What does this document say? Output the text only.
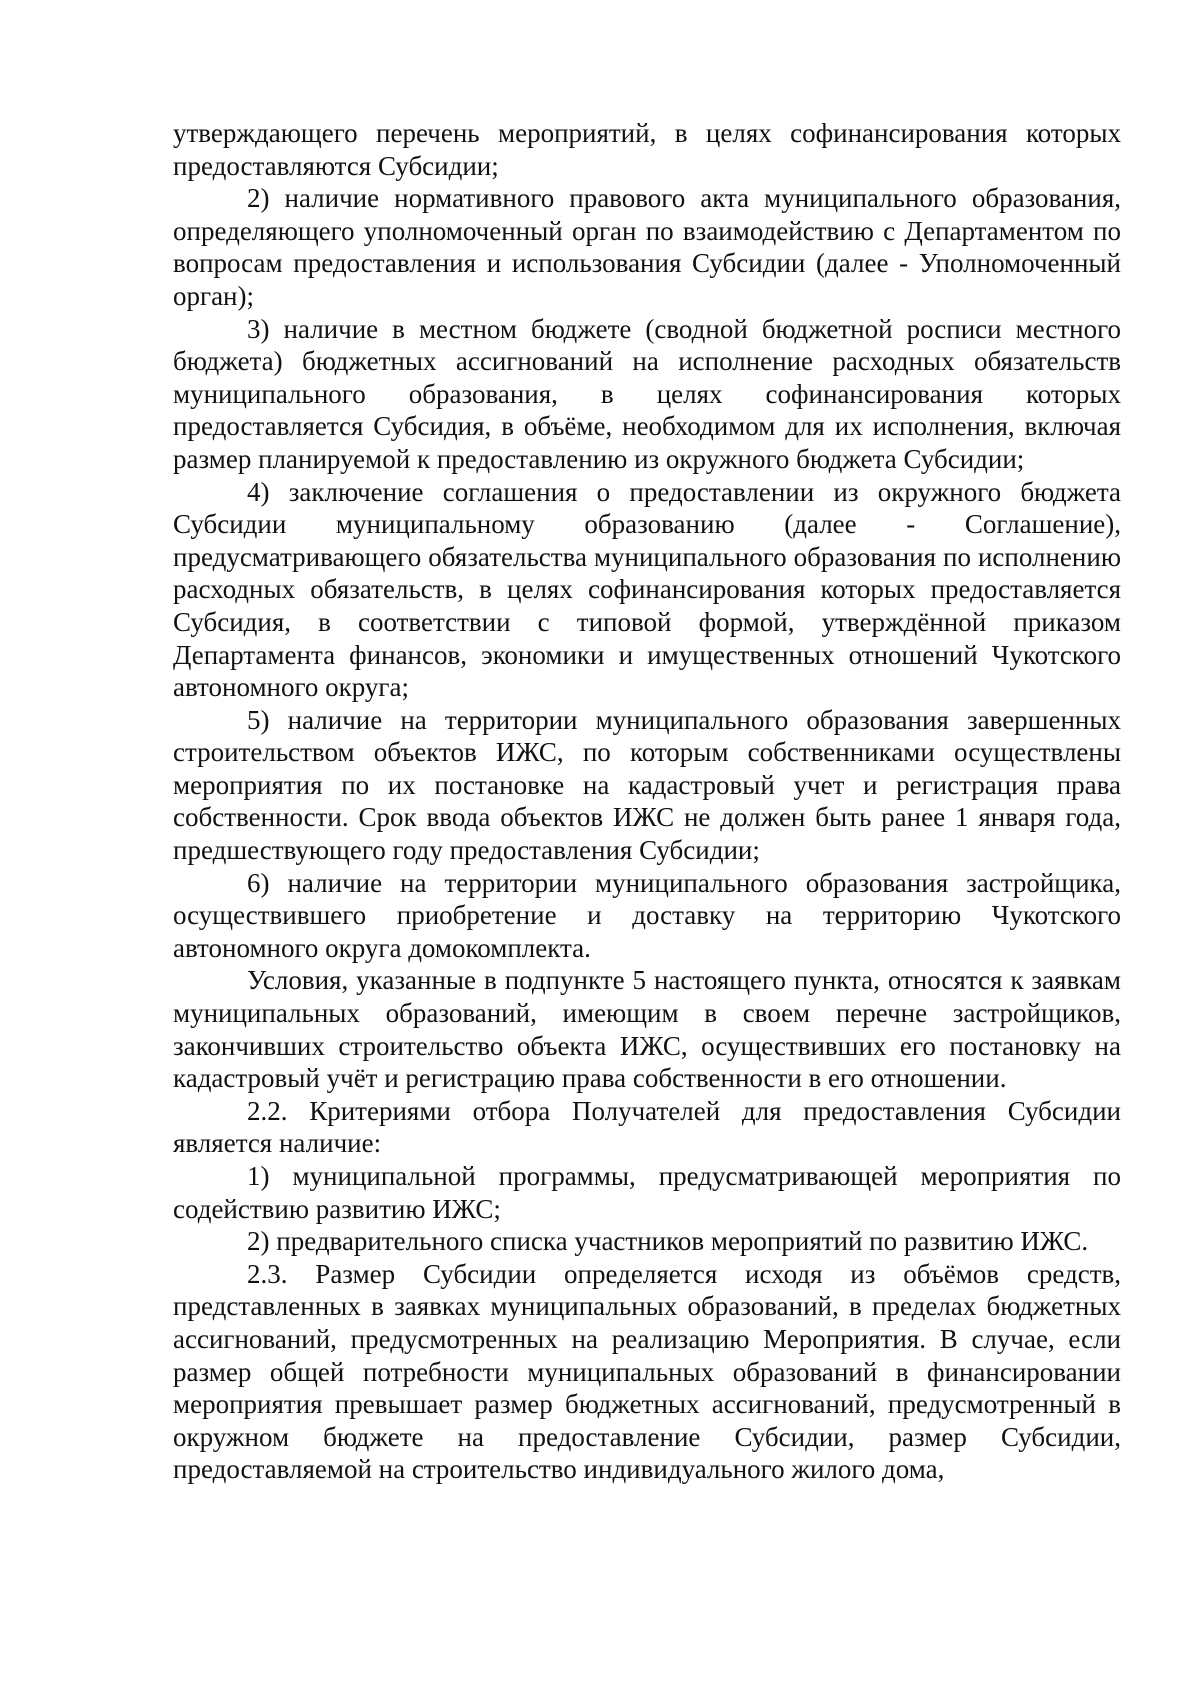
утверждающего перечень мероприятий, в целях софинансирования которых предоставляются Субсидии;

2) наличие нормативного правового акта муниципального образования, определяющего уполномоченный орган по взаимодействию с Департаментом по вопросам предоставления и использования Субсидии (далее - Уполномоченный орган);

3) наличие в местном бюджете (сводной бюджетной росписи местного бюджета) бюджетных ассигнований на исполнение расходных обязательств муниципального образования, в целях софинансирования которых предоставляется Субсидия, в объёме, необходимом для их исполнения, включая размер планируемой к предоставлению из окружного бюджета Субсидии;

4) заключение соглашения о предоставлении из окружного бюджета Субсидии муниципальному образованию (далее - Соглашение), предусматривающего обязательства муниципального образования по исполнению расходных обязательств, в целях софинансирования которых предоставляется Субсидия, в соответствии с типовой формой, утверждённой приказом Департамента финансов, экономики и имущественных отношений Чукотского автономного округа;

5) наличие на территории муниципального образования завершенных строительством объектов ИЖС, по которым собственниками осуществлены мероприятия по их постановке на кадастровый учет и регистрация права собственности. Срок ввода объектов ИЖС не должен быть ранее 1 января года, предшествующего году предоставления Субсидии;

6) наличие на территории муниципального образования застройщика, осуществившего приобретение и доставку на территорию Чукотского автономного округа домокомплекта.

Условия, указанные в подпункте 5 настоящего пункта, относятся к заявкам муниципальных образований, имеющим в своем перечне застройщиков, закончивших строительство объекта ИЖС, осуществивших его постановку на кадастровый учёт и регистрацию права собственности в его отношении.

2.2. Критериями отбора Получателей для предоставления Субсидии является наличие:

1) муниципальной программы, предусматривающей мероприятия по содействию развитию ИЖС;

2) предварительного списка участников мероприятий по развитию ИЖС.

2.3. Размер Субсидии определяется исходя из объёмов средств, представленных в заявках муниципальных образований, в пределах бюджетных ассигнований, предусмотренных на реализацию Мероприятия. В случае, если размер общей потребности муниципальных образований в финансировании мероприятия превышает размер бюджетных ассигнований, предусмотренный в окружном бюджете на предоставление Субсидии, размер Субсидии, предоставляемой на строительство индивидуального жилого дома,
